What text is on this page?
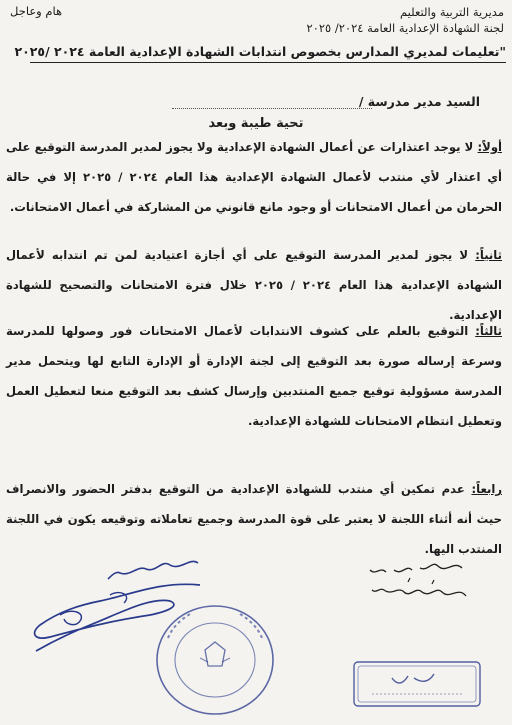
مديرية التربية والتعليم
لجنة الشهادة الإعدادية العامة ٢٠٢٤/ ٢٠٢٥
هام وعاجل
"تعليمات لمديري المدارس بخصوص انتدابات الشهادة الإعدادية العامة ٢٠٢٤ /٢٠٢٥
السيد مدير مدرسة /
تحية طيبة وبعد
أولاً: لا يوجد اعتذارات عن أعمال الشهادة الإعدادية ولا يجوز لمدير المدرسة التوقيع على أي اعتذار لأي منتدب لأعمال الشهادة الإعدادية هذا العام ٢٠٢٤ / ٢٠٢٥ إلا في حالة الحرمان من أعمال الامتحانات أو وجود مانع قانوني من المشاركة في أعمال الامتحانات.
ثانياً: لا يجوز لمدير المدرسة التوقيع على أي أجازة اعتيادية لمن تم انتدابه لأعمال الشهادة الإعدادية هذا العام ٢٠٢٤ / ٢٠٢٥ خلال فترة الامتحانات والتصحيح للشهادة الإعدادية.
ثالثاً: التوقيع بالعلم على كشوف الانتدابات لأعمال الامتحانات فور وصولها للمدرسة وسرعة إرساله صورة بعد التوقيع إلى لجنة الإدارة أو الإدارة التابع لها ويتحمل مدير المدرسة مسؤولية توقيع جميع المنتدبين وإرسال كشف بعد التوقيع منعا لتعطيل العمل وتعطيل انتظام الامتحانات للشهادة الإعدادية.
رابعاً: عدم تمكين أي منتدب للشهادة الإعدادية من التوقيع بدفتر الحضور والانصراف حيث أنه أثناء اللجنة لا يعتبر على قوة المدرسة وجميع تعاملاته وتوقيعه يكون في اللجنة المنتدب اليها.
